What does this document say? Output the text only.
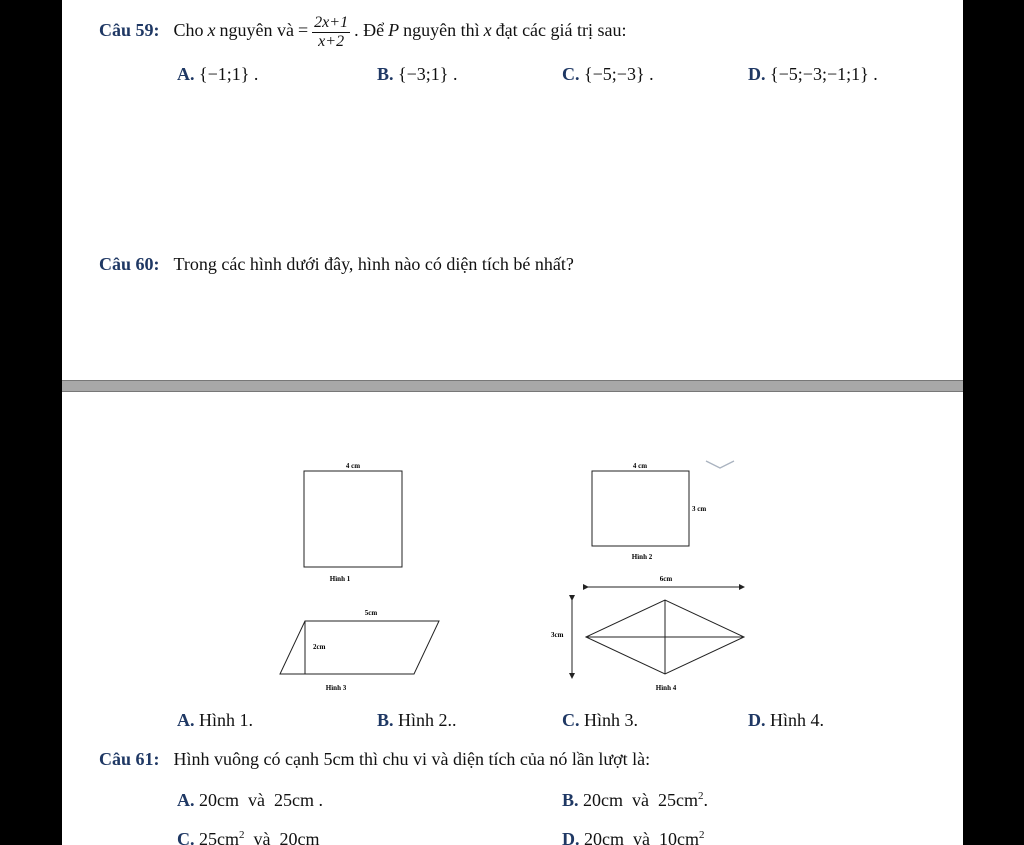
Câu 59: Cho x nguyên và = $\frac{2x+1}{x+2}$ . Để P nguyên thì x đạt các giá trị sau:
A. {−1;1} .	B. {−3;1} .	C. {−5;−3} .	D. {−5;−3;−1;1} .
Câu 60: Trong các hình dưới đây, hình nào có diện tích bé nhất?
4 cm
Hình 1
4 cm
3 cm
Hình 2
5cm
2cm
Hình 3
6cm
3cm
Hình 4
A. Hình 1.	B. Hình 2..	C. Hình 3.	D. Hình 4.
Câu 61: Hình vuông có cạnh 5cm thì chu vi và diện tích của nó lần lượt là:
A. 20cm  và  25cm .	B. 20cm  và  $25cm^2$.
C. $25cm^2$  và  20cm	D. 20cm  và  $10cm^2$
